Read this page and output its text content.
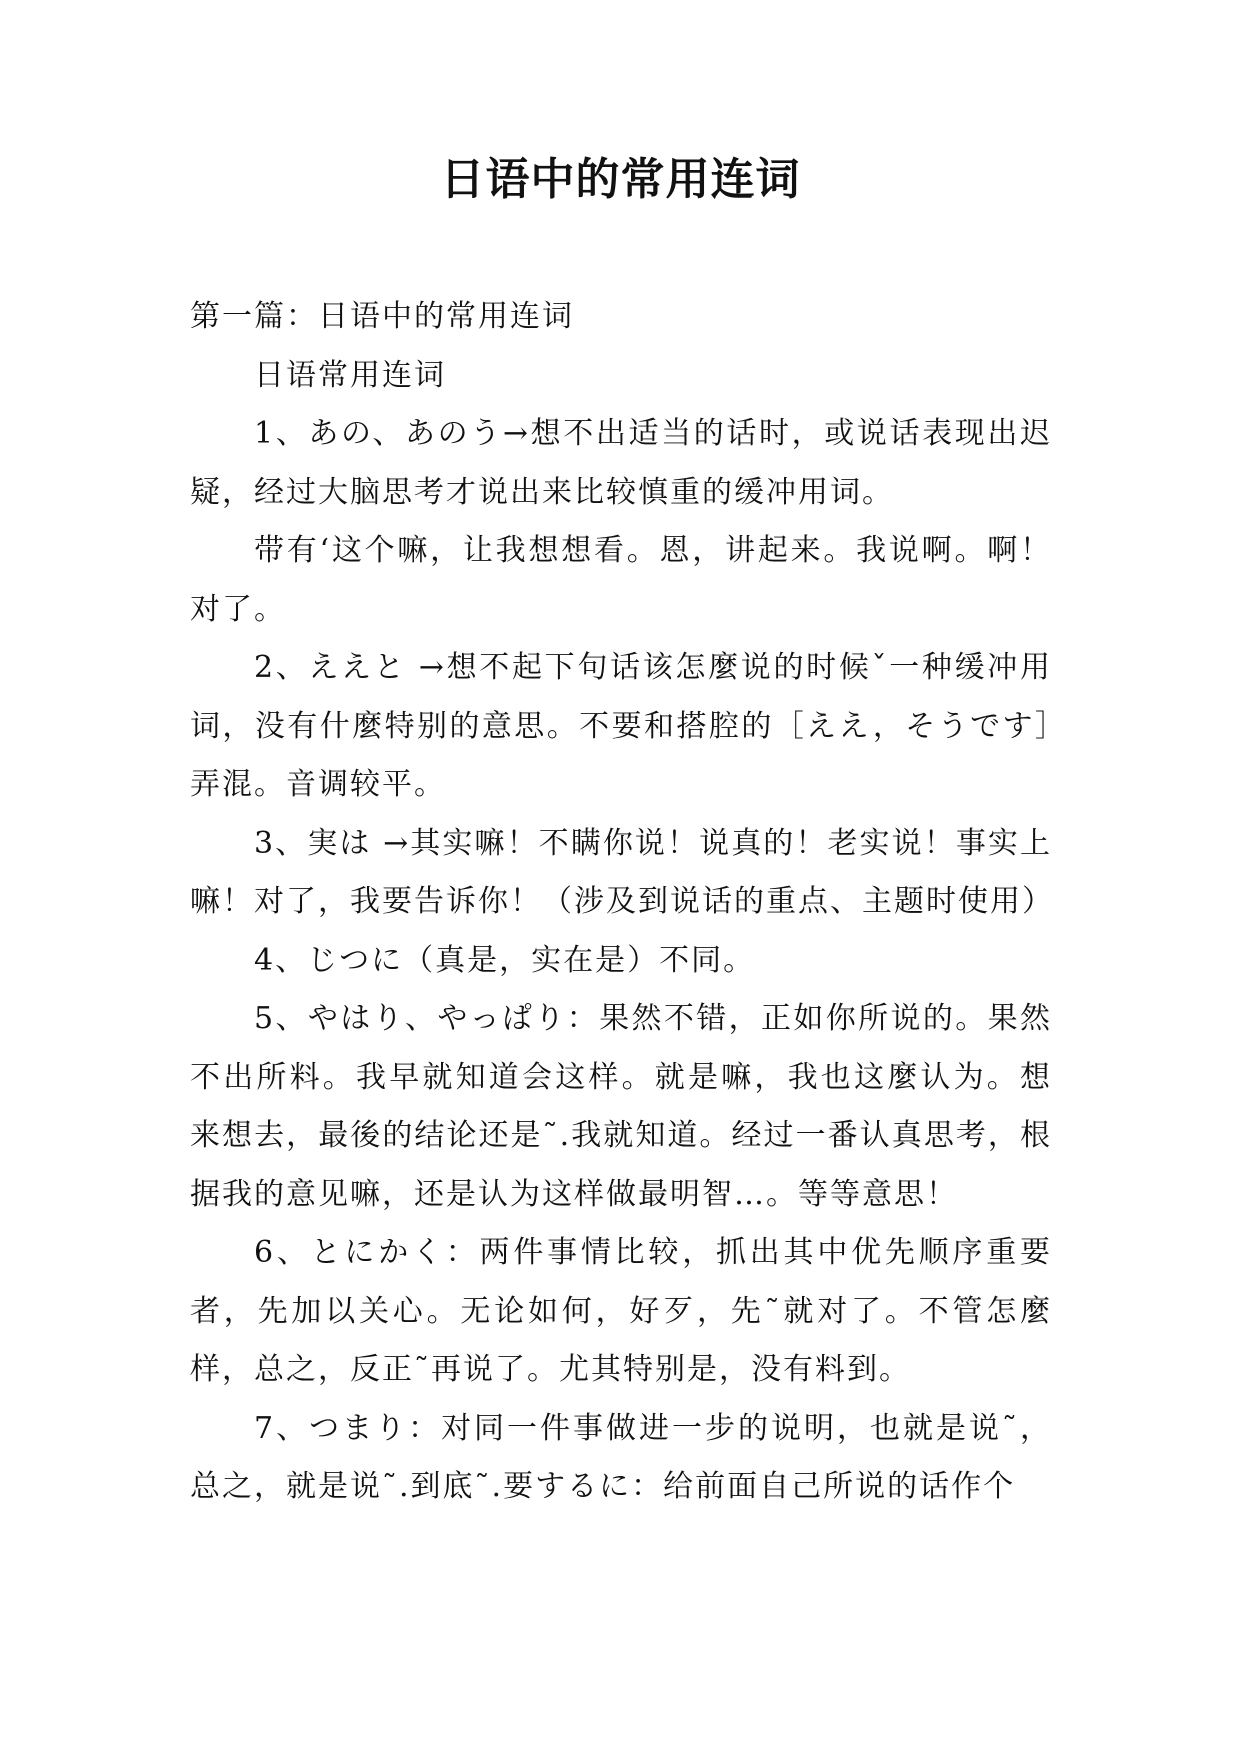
日语中的常用连词

第一篇：日语中的常用连词

日语常用连词

1、あの、あのう→想不出适当的话时，或说话表现出迟疑，经过大脑思考才说出来比较慎重的缓冲用词。

带有‘这个嘛，让我想想看。恩，讲起来。我说啊。啊！对了。

2、ええと →想不起下句话该怎麼说的时候ˇ一种缓冲用词，没有什麼特别的意思。不要和搭腔的［ええ，そうです］弄混。音调较平。

3、実は →其实嘛！不瞒你说！说真的！老实说！事实上嘛！对了，我要告诉你！（涉及到说话的重点、主题时使用）

4、じつに（真是，实在是）不同。

5、やはり、やっぱり：果然不错，正如你所说的。果然不出所料。我早就知道会这样。就是嘛，我也这麼认为。想来想去，最後的结论还是˜.我就知道。经过一番认真思考，根据我的意见嘛，还是认为这样做最明智…。等等意思！

6、とにかく：两件事情比较，抓出其中优先顺序重要者，先加以关心。无论如何，好歹，先˜就对了。不管怎麼样，总之，反正˜再说了。尤其特别是，没有料到。

7、つまり：对同一件事做进一步的说明，也就是说˜，总之，就是说˜.到底˜.要するに：给前面自己所说的话作个
